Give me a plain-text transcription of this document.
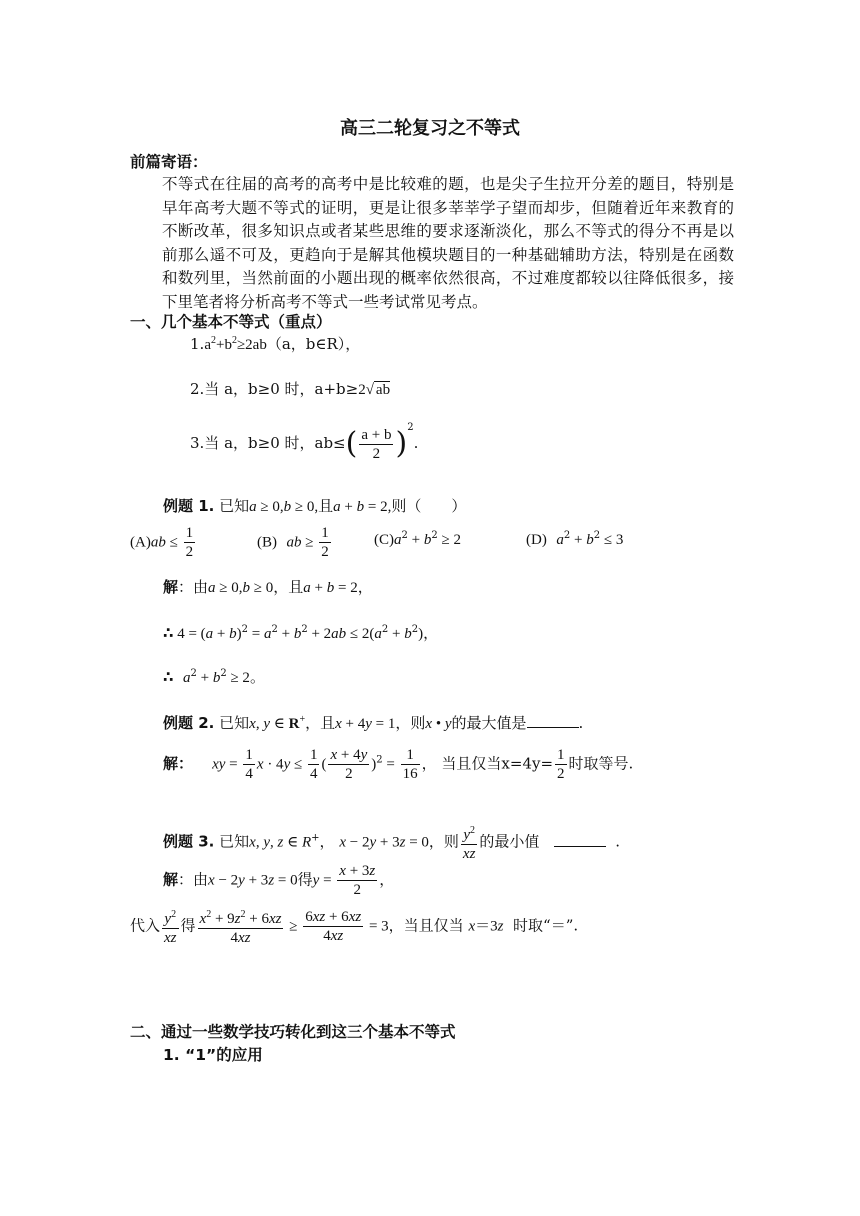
高三二轮复习之不等式
前篇寄语：
不等式在往届的高考的高考中是比较难的题，也是尖子生拉开分差的题目，特别是早年高考大题不等式的证明，更是让很多莘莘学子望而却步，但随着近年来教育的不断改革，很多知识点或者某些思维的要求逐渐淡化，那么不等式的得分不再是以前那么遥不可及，更趋向于是解其他模块题目的一种基础辅助方法，特别是在函数和数列里，当然前面的小题出现的概率依然很高，不过难度都较以往降低很多，接下里笔者将分析高考不等式一些考试常见考点。
一、几个基本不等式（重点）
$1.a^2+b^2\ge 2ab(a$，b∈R），
2.当 a，b≥0 时，a+b≥2√ ab
3.当 a，b≥0 时，$ab\le( \frac{a + b}{2} )^2$.
例题 1. 已知a ≥ 0,b ≥ 0,且a + b = 2,则（　　）
$(A)ab \le \frac{1}{2}$	(B) ab ≥ $\frac{1}{2}$	$(C)a^2 + b^2 \ge 2$	(D) $a^2 + b^2 \le 3$
解：由a ≥ 0,b ≥ 0，且a + b = 2，
∴ $4 = (a + b)^2 = a^2 + b^2 + 2ab \le 2(a^2 + b^2)$，
∴ $a^2 + b^2 \ge 2$。
例题 2. 已知x, y ∈ R+，且x + 4y = 1，则x • y的最大值是	.
解： xy = $\frac{1}{4}$ $x \cdot 4y \le \frac{1}{4}$ ( $\frac{x + 4y}{2} )^2 = \frac{1}{16}$ ， 当且仅当$x=4y= \frac{1}{2}$ 时取等号.
例题 3. 已知x, y, z ∈ R+， x − 2y + 3z = 0，则 $\frac{y^2}{xz}$ 的最小值	.
解：由x − 2y + 3z = 0得$y = \frac{x + 3z}{2}$ ，
代入 $\frac{y^2}{xz}$ 得 $\frac{x^2 + 9z^2 + 6xz}{4xz} \ge \frac{6xz + 6xz}{4xz} = 3$，当且仅当 x＝3z 时取“＝”.
二、通过一些数学技巧转化到这三个基本不等式
1. “1”的应用
